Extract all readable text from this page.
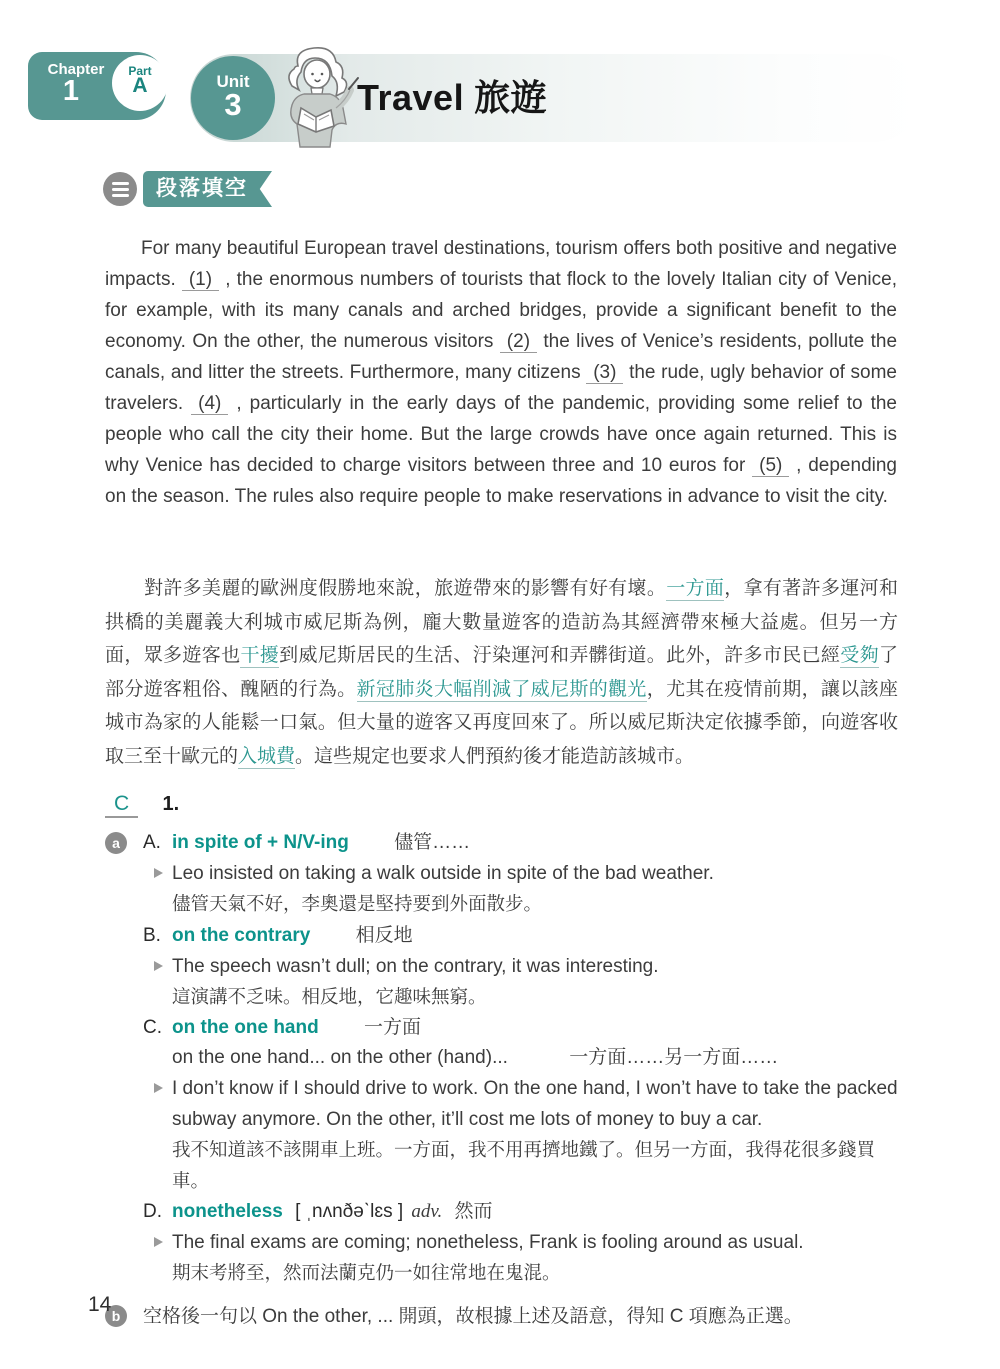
Chapter
1
Part
A	Unit
3	Travel 旅遊
段落填空
For many beautiful European travel destinations, tourism offers both positive and negative impacts. (1) , the enormous numbers of tourists that flock to the lovely Italian city of Venice, for example, with its many canals and arched bridges, provide a significant benefit to the economy. On the other, the numerous visitors (2) the lives of Venice’s residents, pollute the canals, and litter the streets. Furthermore, many citizens (3) the rude, ugly behavior of some travelers. (4) , particularly in the early days of the pandemic, providing some relief to the people who call the city their home. But the large crowds have once again returned. This is why Venice has decided to charge visitors between three and 10 euros for (5) , depending on the season. The rules also require people to make reservations in advance to visit the city.
對許多美麗的歐洲度假勝地來說，旅遊帶來的影響有好有壞。一方面，拿有著許多運河和拱橋的美麗義大利城市威尼斯為例，龐大數量遊客的造訪為其經濟帶來極大益處。但另一方面，眾多遊客也干擾到威尼斯居民的生活、汙染運河和弄髒街道。此外，許多市民已經受夠了部分遊客粗俗、醜陋的行為。新冠肺炎大幅削減了威尼斯的觀光，尤其在疫情前期，讓以該座城市為家的人能鬆一口氣。但大量的遊客又再度回來了。所以威尼斯決定依據季節，向遊客收取三至十歐元的入城費。這些規定也要求人們預約後才能造訪該城市。
C 1.
a	A. in spite of + N/V-ing 儘管……
Leo insisted on taking a walk outside in spite of the bad weather.
儘管天氣不好，李奧還是堅持要到外面散步。
B. on the contrary 相反地
The speech wasn’t dull; on the contrary, it was interesting.
這演講不乏味。相反地，它趣味無窮。
C. on the one hand 一方面
on the one hand... on the other (hand)...	一方面……另一方面……
I don’t know if I should drive to work. On the one hand, I won’t have to take the packed subway anymore. On the other, it’ll cost me lots of money to buy a car.
我不知道該不該開車上班。一方面，我不用再擠地鐵了。但另一方面，我得花很多錢買車。
D. nonetheless [ ˌnʌnðəˋlɛs ] adv. 然而
The final exams are coming; nonetheless, Frank is fooling around as usual.
期末考將至，然而法蘭克仍一如往常地在鬼混。
b	空格後一句以 On the other, ... 開頭，故根據上述及語意，得知 C 項應為正選。
14
